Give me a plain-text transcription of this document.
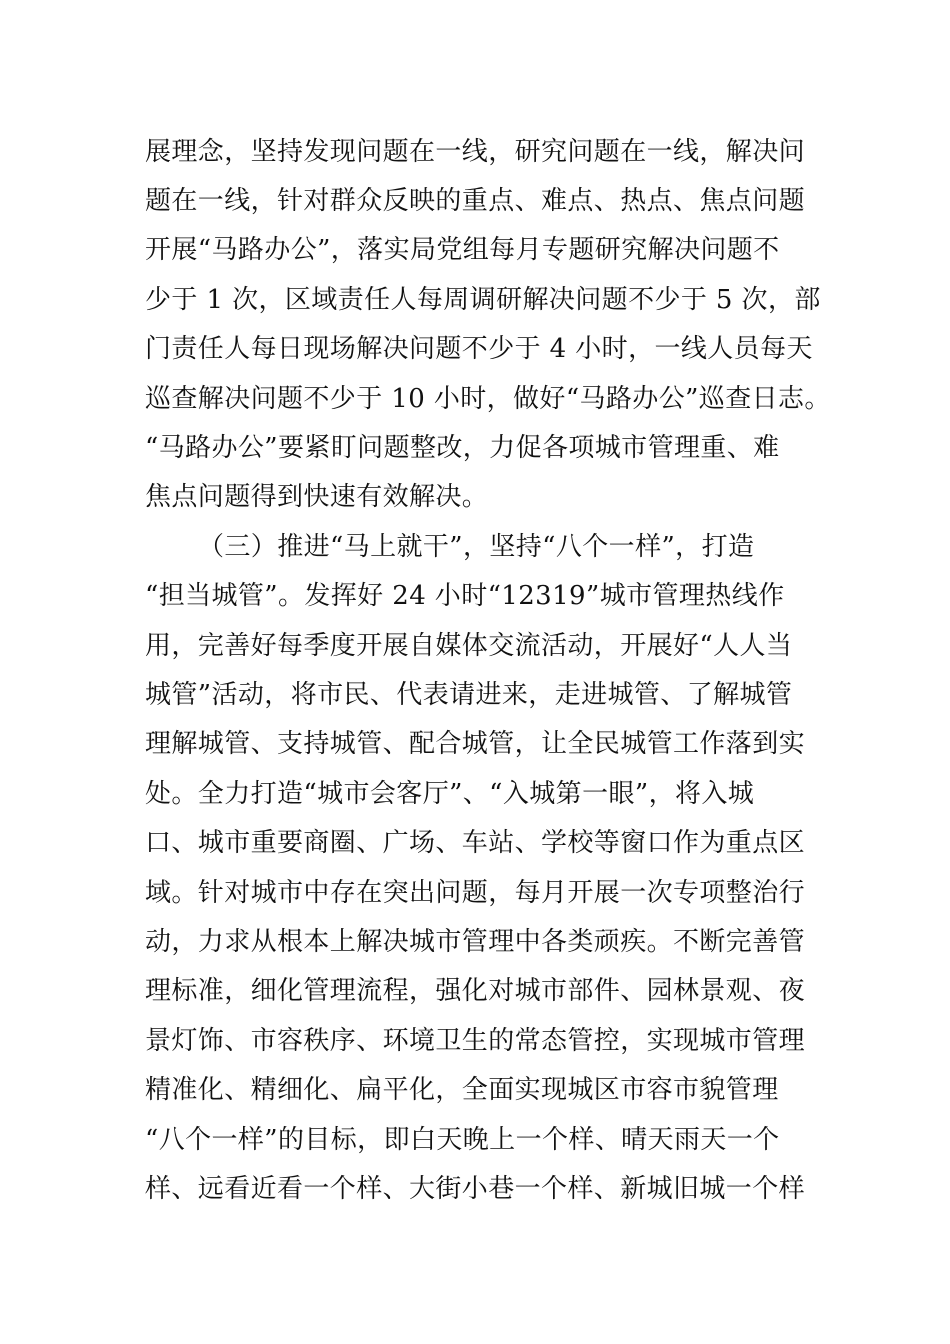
展理念，坚持发现问题在一线，研究问题在一线，解决问
题在一线，针对群众反映的重点、难点、热点、焦点问题
开展“马路办公”，落实局党组每月专题研究解决问题不
少于 1 次，区域责任人每周调研解决问题不少于 5 次，部
门责任人每日现场解决问题不少于 4 小时，一线人员每天
巡查解决问题不少于 10 小时，做好“马路办公”巡查日志。
“马路办公”要紧盯问题整改，力促各项城市管理重、难
焦点问题得到快速有效解决。
（三）推进“马上就干”，坚持“八个一样”，打造
“担当城管”。发挥好 24 小时“12319”城市管理热线作
用，完善好每季度开展自媒体交流活动，开展好“人人当
城管”活动，将市民、代表请进来，走进城管、了解城管
理解城管、支持城管、配合城管，让全民城管工作落到实
处。全力打造“城市会客厅”、“入城第一眼”，将入城
口、城市重要商圈、广场、车站、学校等窗口作为重点区
域。针对城市中存在突出问题，每月开展一次专项整治行
动，力求从根本上解决城市管理中各类顽疾。不断完善管
理标准，细化管理流程，强化对城市部件、园林景观、夜
景灯饰、市容秩序、环境卫生的常态管控，实现城市管理
精准化、精细化、扁平化，全面实现城区市容市貌管理
“八个一样”的目标，即白天晚上一个样、晴天雨天一个
样、远看近看一个样、大街小巷一个样、新城旧城一个样
